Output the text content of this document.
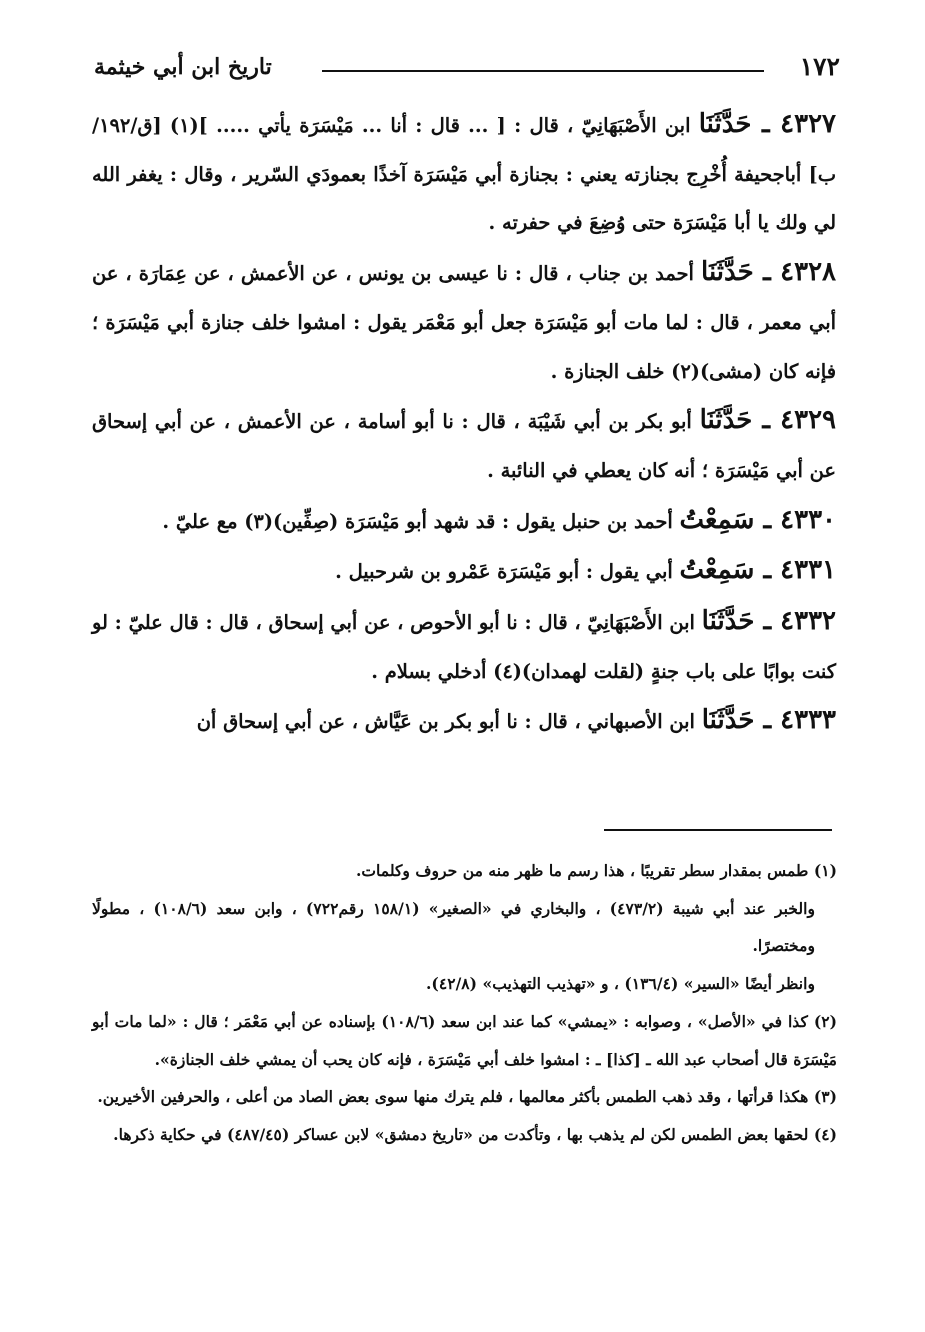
١٧٢
تاريخ ابن أبي خيثمة

٤٣٢٧ ـ حَدَّثَنَا ابن الأَصْبَهَانِيّ ، قال : [ ... قال : أنا ... مَيْسَرَة يأتي ..... ](١) [ق/١٩٢/ب] أباجحيفة أُخْرِج بجنازته يعني : بجنازة أبي مَيْسَرَة آخذًا بعمودَي السّرير ، وقال : يغفر الله لي ولك يا أبا مَيْسَرَة حتى وُضِعَ في حفرته .

٤٣٢٨ ـ حَدَّثَنَا أحمد بن جناب ، قال : نا عيسى بن يونس ، عن الأعمش ، عن عِمَارَة ، عن أبي معمر ، قال : لما مات أبو مَيْسَرَة جعل أبو مَعْمَر يقول : امشوا خلف جنازة أبي مَيْسَرَة ؛ فإنه كان (مشى)(٢) خلف الجنازة .

٤٣٢٩ ـ حَدَّثَنَا أبو بكر بن أبي شَيْبَة ، قال : نا أبو أسامة ، عن الأعمش ، عن أبي إسحاق عن أبي مَيْسَرَة ؛ أنه كان يعطي في النائبة .

٤٣٣٠ ـ سَمِعْتُ أحمد بن حنبل يقول : قد شهد أبو مَيْسَرَة (صِفِّين)(٣) مع عليّ .

٤٣٣١ ـ سَمِعْتُ أبي يقول : أبو مَيْسَرَة عَمْرو بن شرحبيل .

٤٣٣٢ ـ حَدَّثَنَا ابن الأَصْبَهَانِيّ ، قال : نا أبو الأحوص ، عن أبي إسحاق ، قال : قال عليّ : لو كنت بوابًا على باب جنةٍ (لقلت لهمدان)(٤) أدخلي بسلام .

٤٣٣٣ ـ حَدَّثَنَا ابن الأصبهاني ، قال : نا أبو بكر بن عَيَّاش ، عن أبي إسحاق أن

(١) طمس بمقدار سطر تقريبًا ، هذا رسم ما ظهر منه من حروف وكلمات.

والخبر عند أبي شيبة (٤٧٣/٢) ، والبخاري في «الصغير» (١٥٨/١ رقم٧٢٢) ، وابن سعد (١٠٨/٦) ، مطولًا ومختصرًا.

وانظر أيضًا «السير» (١٣٦/٤) ، و «تهذيب التهذيب» (٤٢/٨).

(٢) كذا في «الأصل» ، وصوابه : «يمشي» كما عند ابن سعد (١٠٨/٦) بإسناده عن أبي مَعْمَر ؛ قال : «لما مات أبو مَيْسَرَة قال أصحاب عبد الله ـ [كذا] ـ : امشوا خلف أبي مَيْسَرَة ، فإنه كان يحب أن يمشي خلف الجنازة».

(٣) هكذا قرأتها ، وقد ذهب الطمس بأكثر معالمها ، فلم يترك منها سوى بعض الصاد من أعلى ، والحرفين الأخيرين.

(٤) لحقها بعض الطمس لكن لم يذهب بها ، وتأكدت من «تاريخ دمشق» لابن عساكر (٤٨٧/٤٥) في حكاية ذكرها.
